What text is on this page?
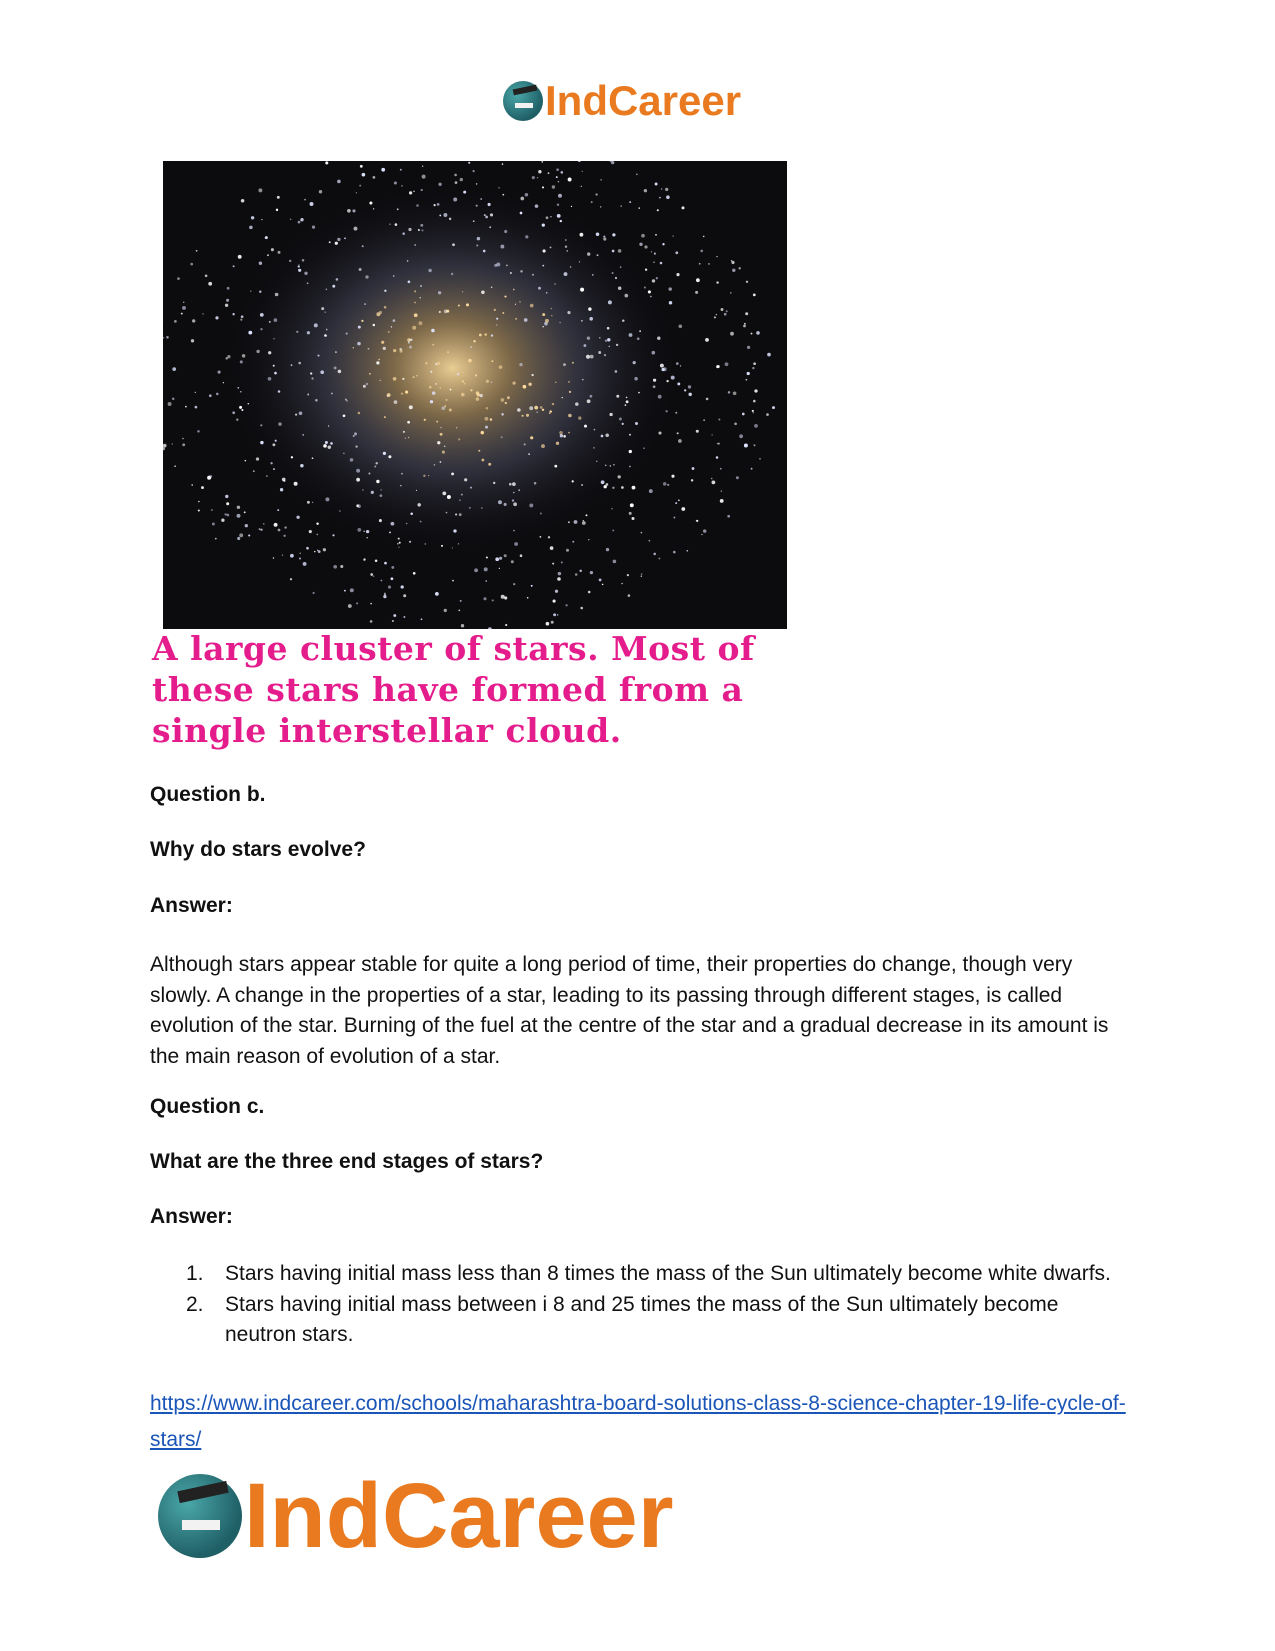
IndCareer
A large cluster of stars. Most of these stars have formed from a single interstellar cloud.
Question b.
Why do stars evolve?
Answer:
Although stars appear stable for quite a long period of time, their properties do change, though very slowly. A change in the properties of a star, leading to its passing through different stages, is called evolution of the star. Burning of the fuel at the centre of the star and a gradual decrease in its amount is the main reason of evolution of a star.
Question c.
What are the three end stages of stars?
Answer:
1. Stars having initial mass less than 8 times the mass of the Sun ultimately become white dwarfs.
2. Stars having initial mass between i 8 and 25 times the mass of the Sun ultimately become neutron stars.
https://www.indcareer.com/schools/maharashtra-board-solutions-class-8-science-chapter-19-life-cycle-of-stars/
IndCareer
